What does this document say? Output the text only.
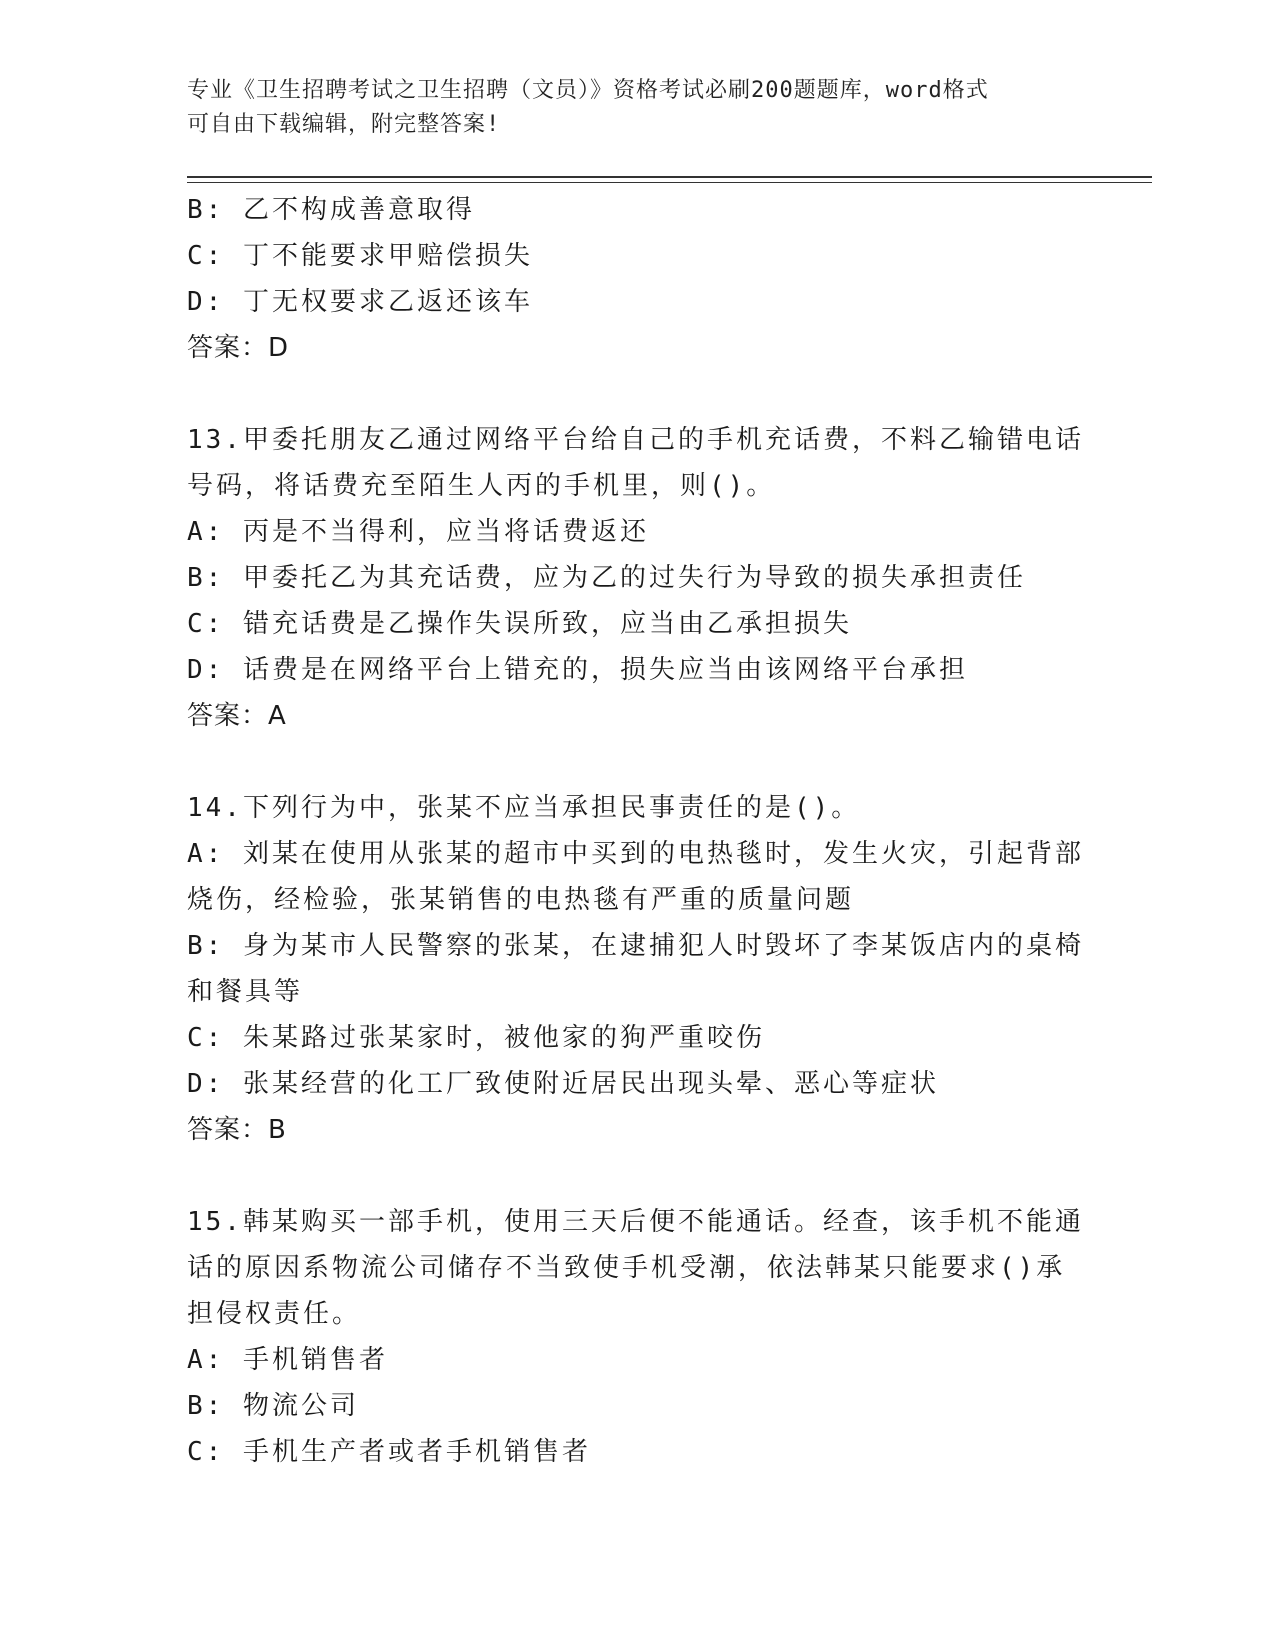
专业《卫生招聘考试之卫生招聘（文员）》资格考试必刷200题题库，word格式
可自由下载编辑，附完整答案!

B: 乙不构成善意取得

C: 丁不能要求甲赔偿损失

D: 丁无权要求乙返还该车

答案：D

13.甲委托朋友乙通过网络平台给自己的手机充话费，不料乙输错电话

号码，将话费充至陌生人丙的手机里，则()。

A: 丙是不当得利，应当将话费返还

B: 甲委托乙为其充话费，应为乙的过失行为导致的损失承担责任

C: 错充话费是乙操作失误所致，应当由乙承担损失

D: 话费是在网络平台上错充的，损失应当由该网络平台承担

答案：A

14.下列行为中，张某不应当承担民事责任的是()。

A: 刘某在使用从张某的超市中买到的电热毯时，发生火灾，引起背部

烧伤，经检验，张某销售的电热毯有严重的质量问题

B: 身为某市人民警察的张某，在逮捕犯人时毁坏了李某饭店内的桌椅

和餐具等

C: 朱某路过张某家时，被他家的狗严重咬伤

D: 张某经营的化工厂致使附近居民出现头晕、恶心等症状

答案：B

15.韩某购买一部手机，使用三天后便不能通话。经查，该手机不能通

话的原因系物流公司储存不当致使手机受潮，依法韩某只能要求()承

担侵权责任。

A: 手机销售者

B: 物流公司

C: 手机生产者或者手机销售者
